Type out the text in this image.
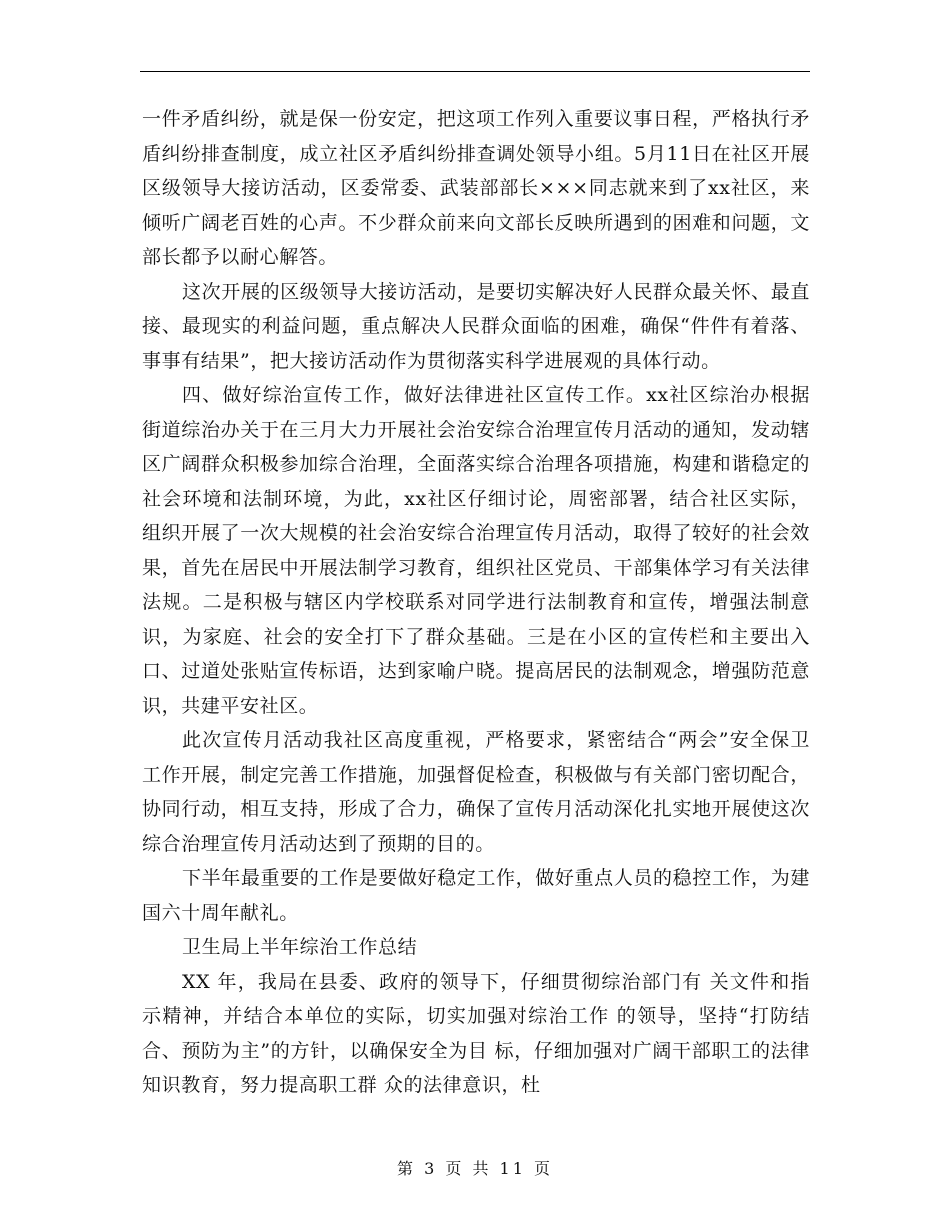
一件矛盾纠纷，就是保一份安定，把这项工作列入重要议事日程，严格执行矛盾纠纷排查制度，成立社区矛盾纠纷排查调处领导小组。5月11日在社区开展区级领导大接访活动，区委常委、武装部部长×××同志就来到了xx社区，来倾听广阔老百姓的心声。不少群众前来向文部长反映所遇到的困难和问题，文部长都予以耐心解答。

这次开展的区级领导大接访活动，是要切实解决好人民群众最关怀、最直接、最现实的利益问题，重点解决人民群众面临的困难，确保“件件有着落、事事有结果”，把大接访活动作为贯彻落实科学进展观的具体行动。

四、做好综治宣传工作，做好法律进社区宣传工作。xx社区综治办根据街道综治办关于在三月大力开展社会治安综合治理宣传月活动的通知，发动辖区广阔群众积极参加综合治理，全面落实综合治理各项措施，构建和谐稳定的社会环境和法制环境，为此，xx社区仔细讨论，周密部署，结合社区实际，组织开展了一次大规模的社会治安综合治理宣传月活动，取得了较好的社会效果，首先在居民中开展法制学习教育，组织社区党员、干部集体学习有关法律法规。二是积极与辖区内学校联系对同学进行法制教育和宣传，增强法制意识，为家庭、社会的安全打下了群众基础。三是在小区的宣传栏和主要出入口、过道处张贴宣传标语，达到家喻户晓。提高居民的法制观念，增强防范意识，共建平安社区。

此次宣传月活动我社区高度重视，严格要求，紧密结合“两会”安全保卫工作开展，制定完善工作措施，加强督促检查，积极做与有关部门密切配合，协同行动，相互支持，形成了合力，确保了宣传月活动深化扎实地开展使这次综合治理宣传月活动达到了预期的目的。

下半年最重要的工作是要做好稳定工作，做好重点人员的稳控工作，为建国六十周年献礼。

卫生局上半年综治工作总结

XX 年，我局在县委、政府的领导下，仔细贯彻综治部门有 关文件和指示精神，并结合本单位的实际，切实加强对综治工作 的领导，坚持“打防结合、预防为主”的方针，以确保安全为目 标，仔细加强对广阔干部职工的法律知识教育，努力提高职工群 众的法律意识，杜

第 3 页 共 11 页
